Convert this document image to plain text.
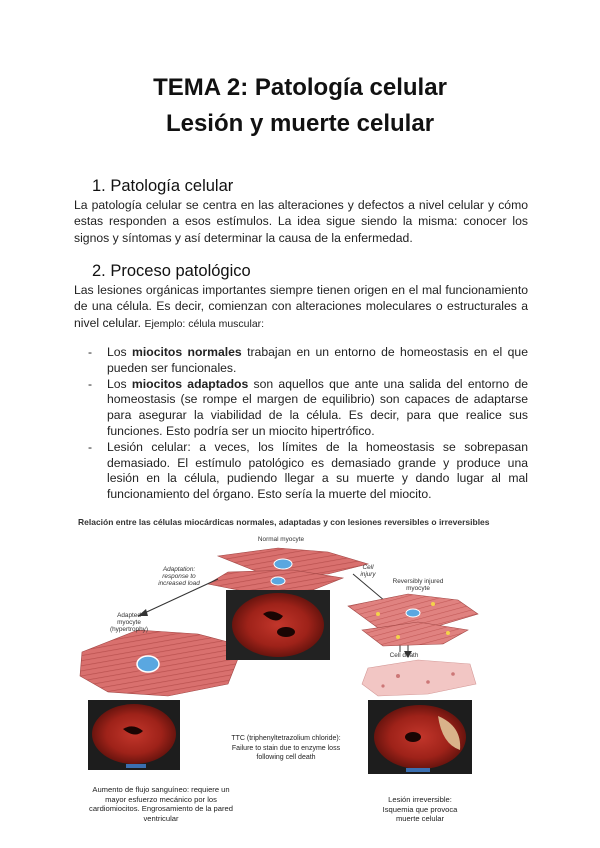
TEMA 2: Patología celular
Lesión y muerte celular
1. Patología celular
La patología celular se centra en las alteraciones y defectos a nivel celular y cómo estas responden a esos estímulos. La idea sigue siendo la misma: conocer los signos y síntomas y así determinar la causa de la enfermedad.
2. Proceso patológico
Las lesiones orgánicas importantes siempre tienen origen en el mal funcionamiento de una célula. Es decir, comienzan con alteraciones moleculares o estructurales a nivel celular. Ejemplo: célula muscular:
- Los miocitos normales trabajan en un entorno de homeostasis en el que pueden ser funcionales.
- Los miocitos adaptados son aquellos que ante una salida del entorno de homeostasis (se rompe el margen de equilibrio) son capaces de adaptarse para asegurar la viabilidad de la célula. Es decir, para que realice sus funciones. Esto podría ser un miocito hipertrófico.
- Lesión celular: a veces, los límites de la homeostasis se sobrepasan demasiado. El estímulo patológico es demasiado grande y produce una lesión en la célula, pudiendo llegar a su muerte y dando lugar al mal funcionamiento del órgano. Esto sería la muerte del miocito.
Relación entre las células miocárdicas normales, adaptadas y con lesiones reversibles o irreversibles
Normal myocyte
Adaptation: response to increased load
Adapted myocyte (hypertrophy)
Cell injury
Reversibly injured myocyte
Cell death
TTC (triphenyltetrazolium chloride):
Failure to stain due to enzyme loss
following cell death
Aumento de flujo sanguíneo: requiere un mayor esfuerzo mecánico por los cardiomiocitos. Engrosamiento de la pared ventricular
Lesión irreversible: Isquemia que provoca muerte celular
